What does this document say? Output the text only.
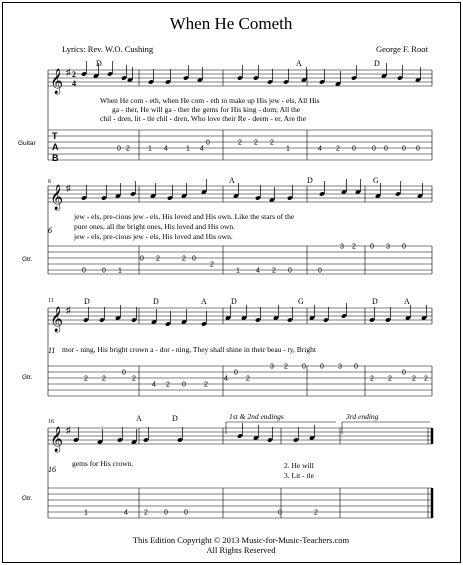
When He Cometh
Lyrics: Rev. W.O. Cushing	George F. Root
𝄞 ♯ 2
4
D	A	D
When He com - eth, when He com - eth to make up His jew - els, All His
ga - ther, He will ga - ther the gems for His king - dom; All the
chil - dren, lit - tle chil - dren, Who love their Re - deem - er, Are the
Guitar
T
A
B
0 2	1 4	1 4
0	2 2 2
1	4 2 0 0 0 0 0
6
𝄞 ♯
A	D	G
jew - els, pre-cious jew - els, His loved and His own. Like the stars of the
6	pure ones, all the bright ones, His loved and His own.
jew - els, pre-cious jew - els, His loved and His own.
Gtr.
0 0 1
0 2	2 0
2
1 4 2 0	0
3 2 0 3 0
11
𝄞 ♯
D	D	A	D	G	D	A
11 mor - ning, His bright crown a - dor - ning, They shall shine in their beau - ty, Bright
Gtr.	2 2
0
2
4 2 0	2
4
0
2
3 2 0 0 3 0
2 2
0
2 2
16
𝄞 ♯
1st & 2nd endings	3rd ending
A	D
16
gems for His crown.	2. He will
3. Lit - tle
Gtr.
1	4 2 0 0	0	2
This Edition Copyright © 2013 Music-for-Music-Teachers.com
All Rights Reserved
